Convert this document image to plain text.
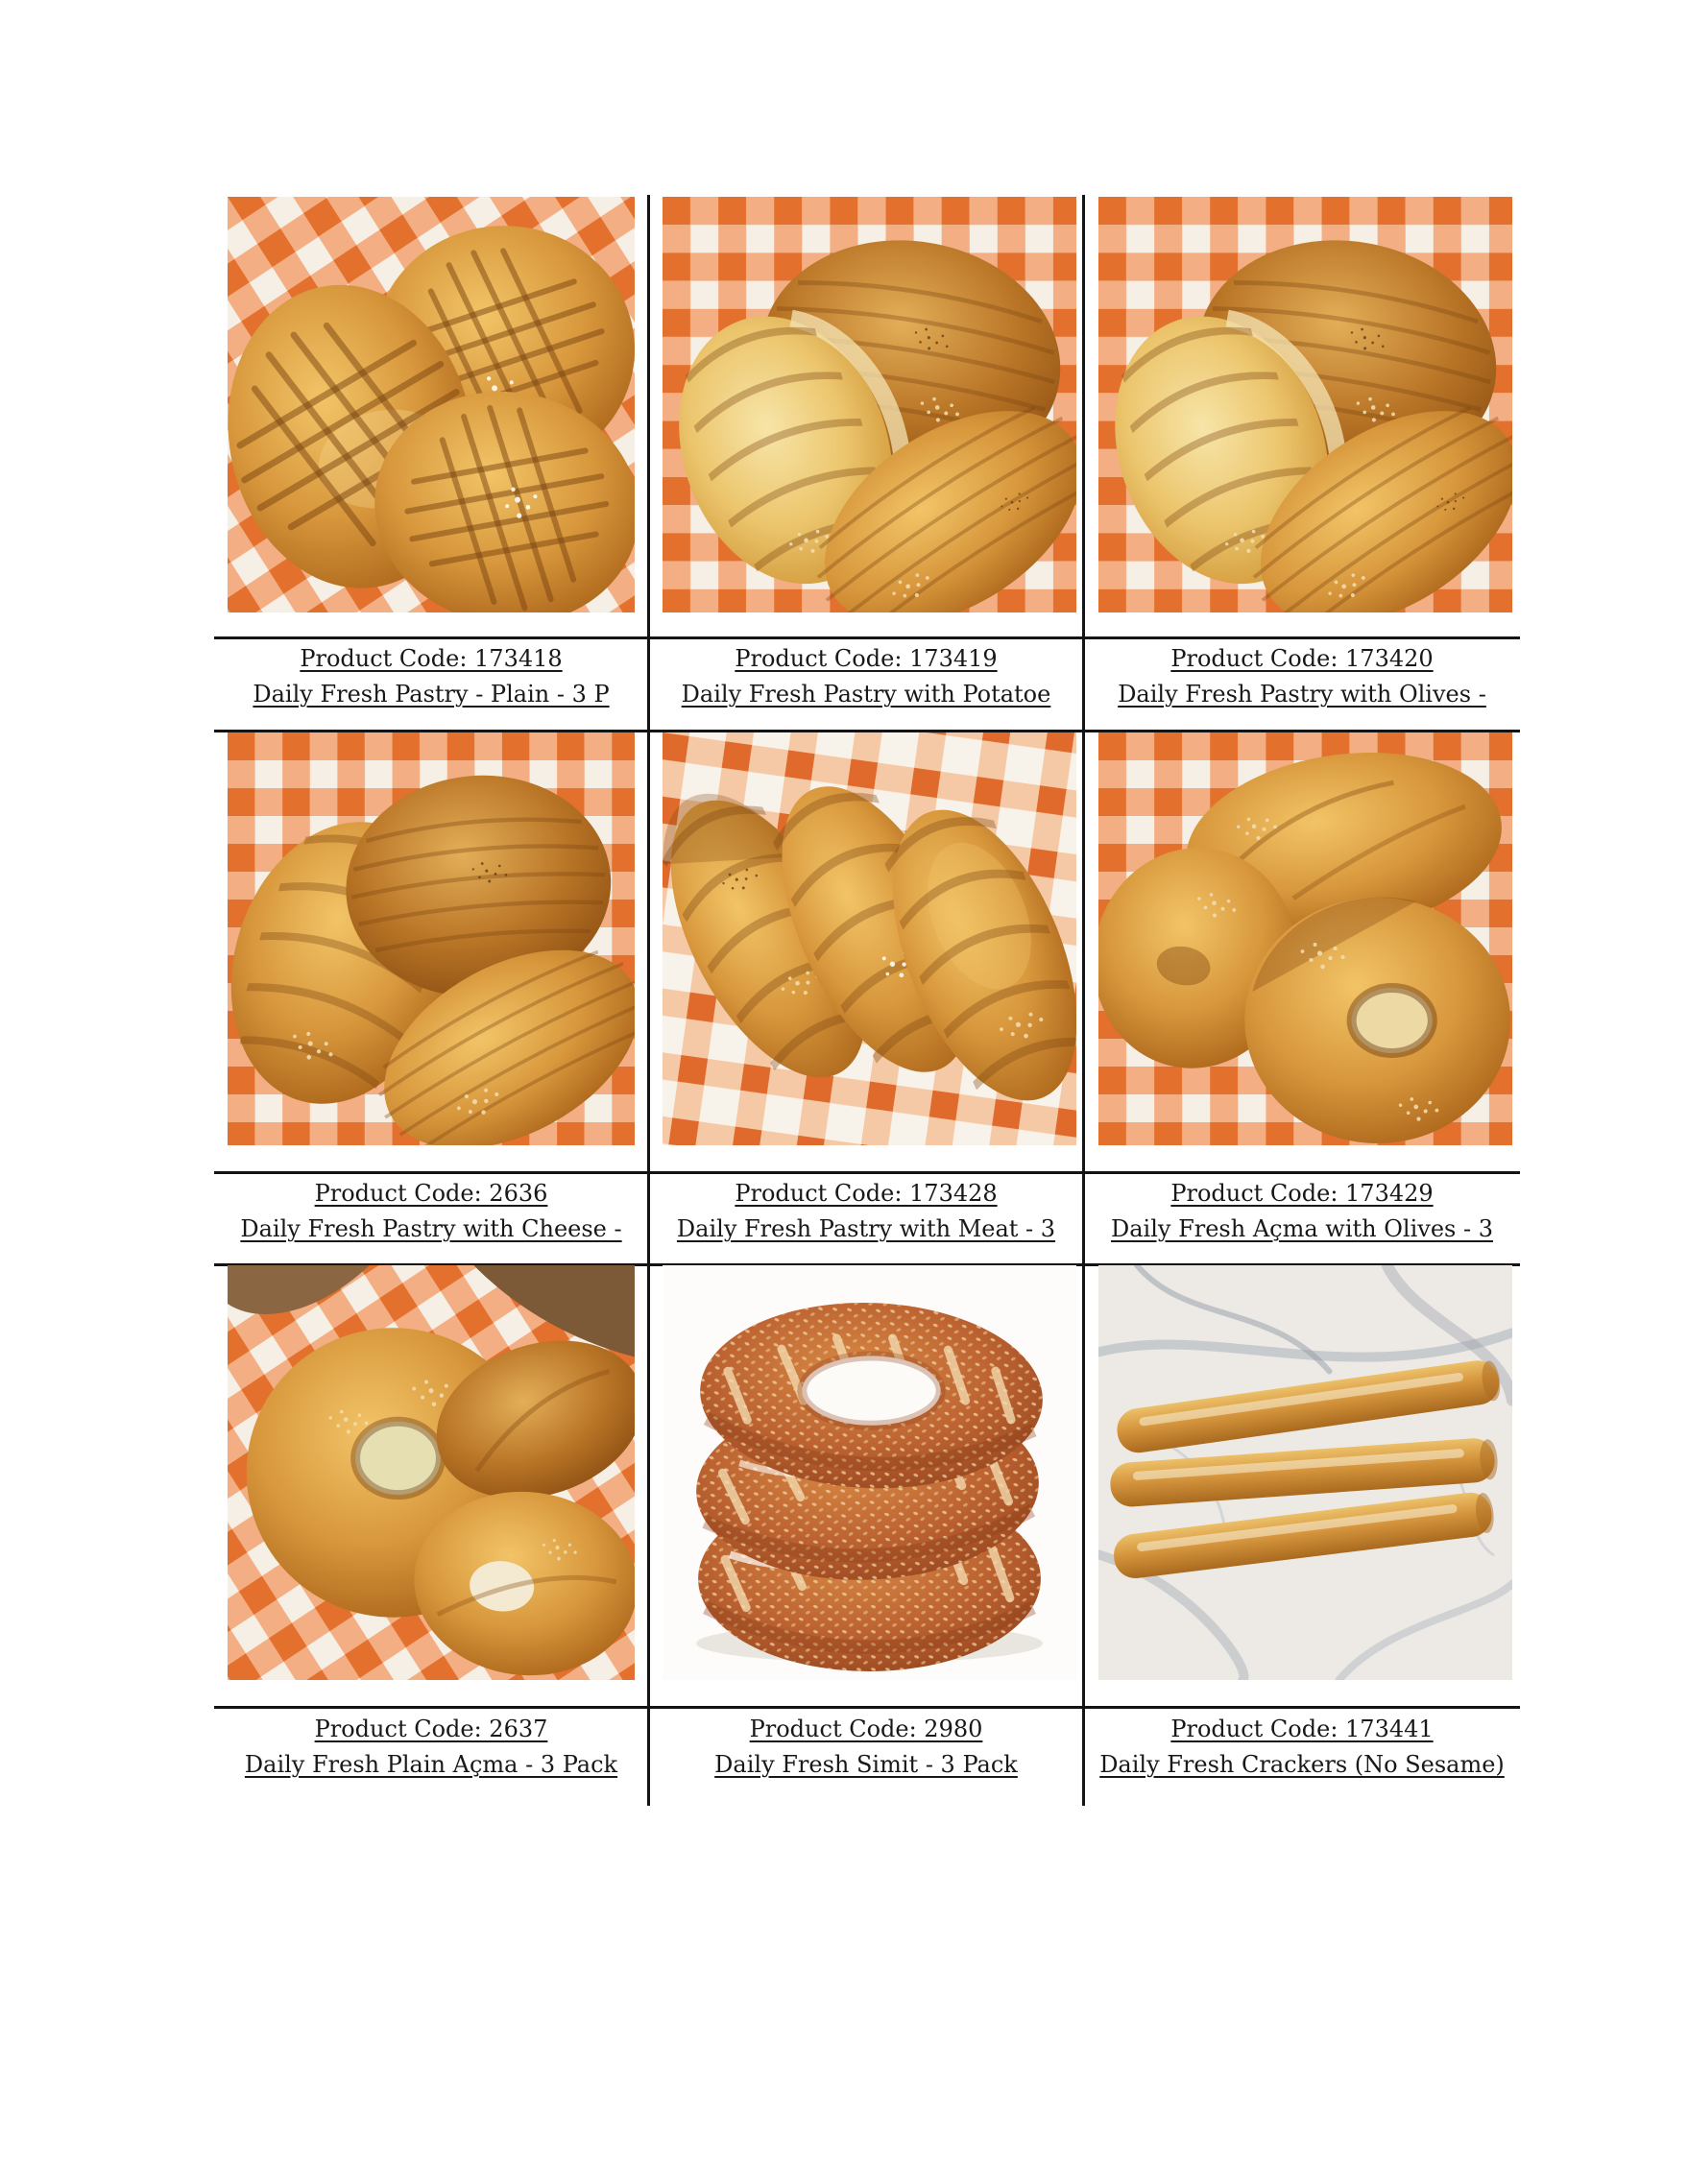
Product Code: 173418
Daily Fresh Pastry - Plain - 3 P
Product Code: 173419
Daily Fresh Pastry with Potatoe
Product Code: 173420
Daily Fresh Pastry with Olives -
Product Code: 2636
Daily Fresh Pastry with Cheese -
Product Code: 173428
Daily Fresh Pastry with Meat - 3
Product Code: 173429
Daily Fresh Açma with Olives - 3
Product Code: 2637
Daily Fresh Plain Açma - 3 Pack
Product Code: 2980
Daily Fresh Simit - 3 Pack
Product Code: 173441
Daily Fresh Crackers (No Sesame)
